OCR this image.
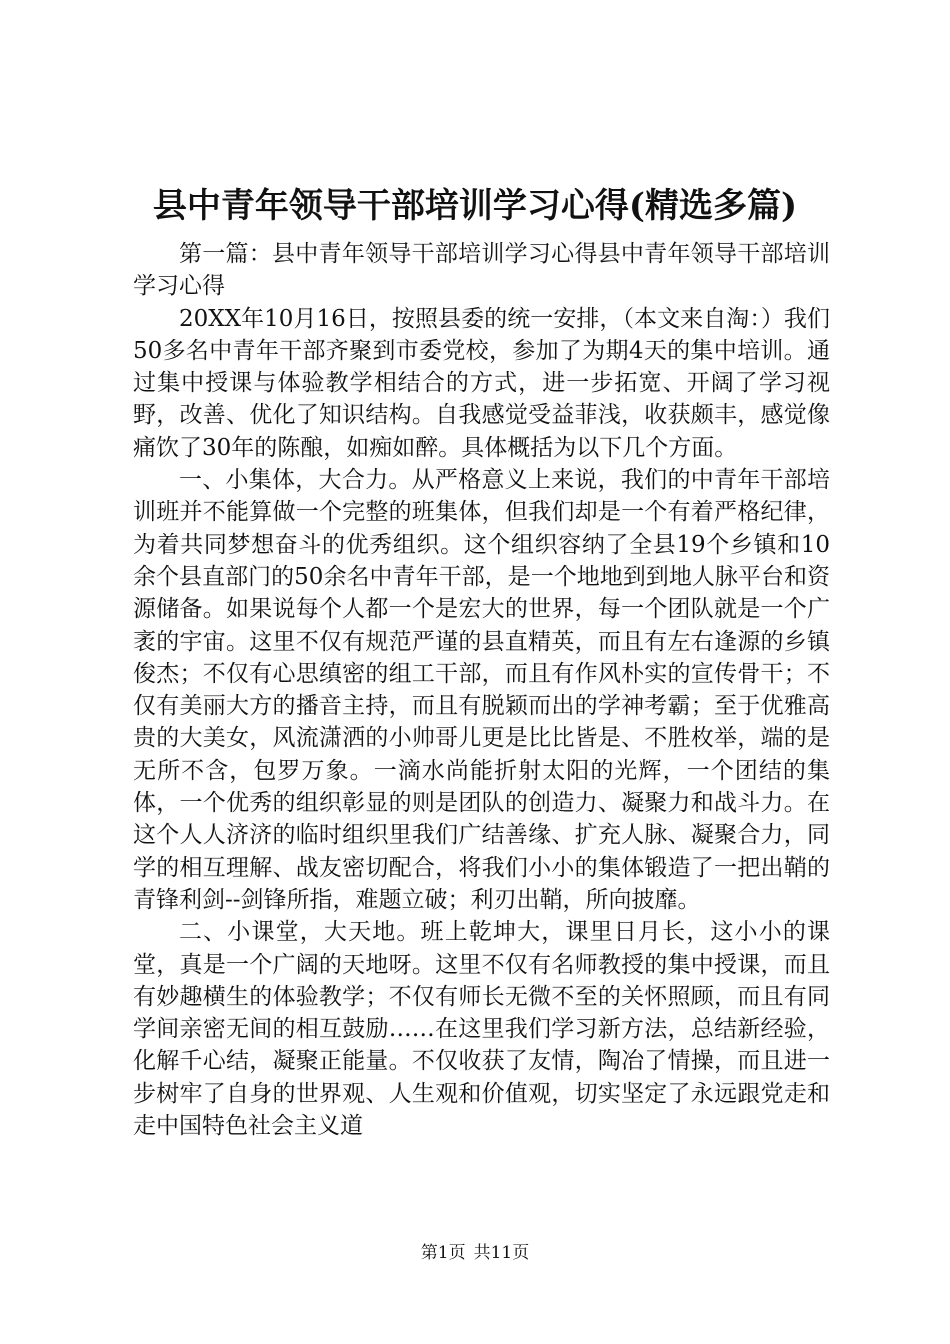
县中青年领导干部培训学习心得(精选多篇)

第一篇：县中青年领导干部培训学习心得县中青年领导干部培训学习心得

20XX年10月16日，按照县委的统一安排，（本文来自淘：）我们50多名中青年干部齐聚到市委党校，参加了为期4天的集中培训。通过集中授课与体验教学相结合的方式，进一步拓宽、开阔了学习视野，改善、优化了知识结构。自我感觉受益菲浅，收获颇丰，感觉像痛饮了30年的陈酿，如痴如醉。具体概括为以下几个方面。

一、小集体，大合力。从严格意义上来说，我们的中青年干部培训班并不能算做一个完整的班集体，但我们却是一个有着严格纪律，为着共同梦想奋斗的优秀组织。这个组织容纳了全县19个乡镇和10余个县直部门的50余名中青年干部，是一个地地到到地人脉平台和资源储备。如果说每个人都一个是宏大的世界，每一个团队就是一个广袤的宇宙。这里不仅有规范严谨的县直精英，而且有左右逢源的乡镇俊杰；不仅有心思缜密的组工干部，而且有作风朴实的宣传骨干；不仅有美丽大方的播音主持，而且有脱颖而出的学神考霸；至于优雅高贵的大美女，风流潇洒的小帅哥儿更是比比皆是、不胜枚举，端的是无所不含，包罗万象。一滴水尚能折射太阳的光辉，一个团结的集体，一个优秀的组织彰显的则是团队的创造力、凝聚力和战斗力。在这个人人济济的临时组织里我们广结善缘、扩充人脉、凝聚合力，同学的相互理解、战友密切配合，将我们小小的集体锻造了一把出鞘的青锋利剑--剑锋所指，难题立破；利刃出鞘，所向披靡。

二、小课堂，大天地。班上乾坤大，课里日月长，这小小的课堂，真是一个广阔的天地呀。这里不仅有名师教授的集中授课，而且有妙趣横生的体验教学；不仅有师长无微不至的关怀照顾，而且有同学间亲密无间的相互鼓励……在这里我们学习新方法，总结新经验，化解千心结，凝聚正能量。不仅收获了友情，陶冶了情操，而且进一步树牢了自身的世界观、人生观和价值观，切实坚定了永远跟党走和走中国特色社会主义道

第1页 共11页
